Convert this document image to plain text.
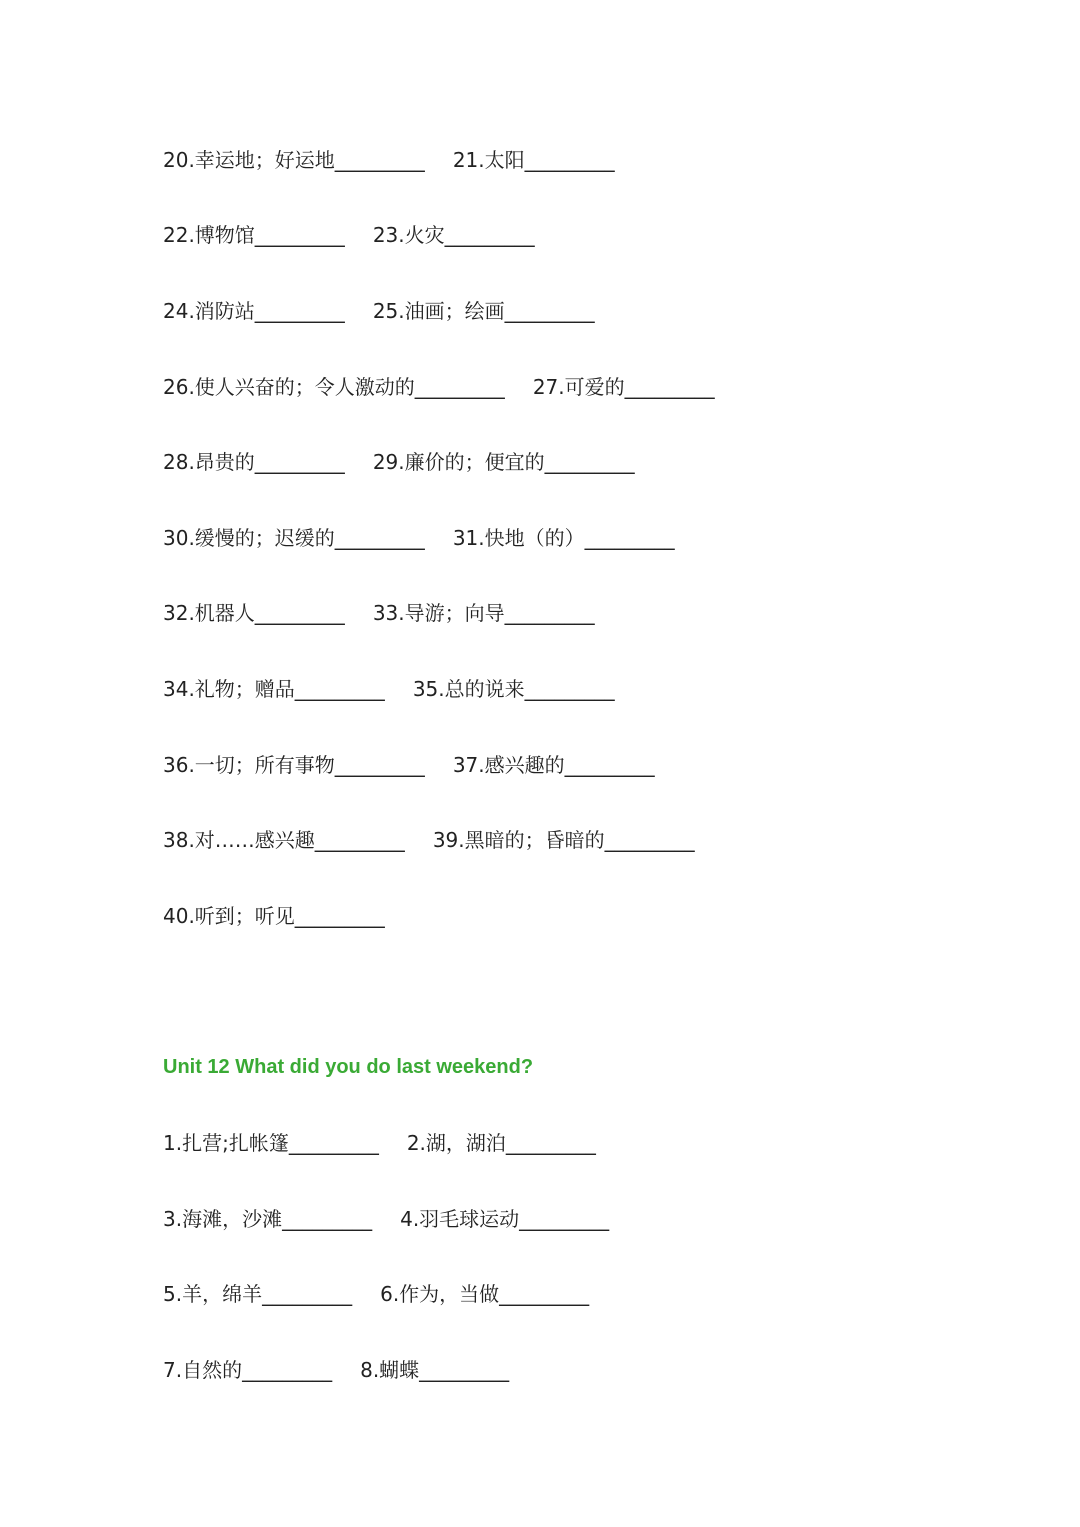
20.幸运地；好运地_________ 21.太阳_________
22.博物馆_________ 23.火灾_________
24.消防站_________ 25.油画；绘画_________
26.使人兴奋的；令人激动的_________ 27.可爱的_________
28.昂贵的_________ 29.廉价的；便宜的_________
30.缓慢的；迟缓的_________ 31.快地（的）_________
32.机器人_________ 33.导游；向导_________
34.礼物；赠品_________ 35.总的说来_________
36.一切；所有事物_________ 37.感兴趣的_________
38.对……感兴趣_________ 39.黑暗的；昏暗的_________
40.听到；听见_________
Unit 12 What did you do last weekend?
1.扎营;扎帐篷_________ 2.湖，湖泊_________
3.海滩，沙滩_________ 4.羽毛球运动_________
5.羊，绵羊_________ 6.作为，当做_________
7.自然的_________ 8.蝴蝶_________
